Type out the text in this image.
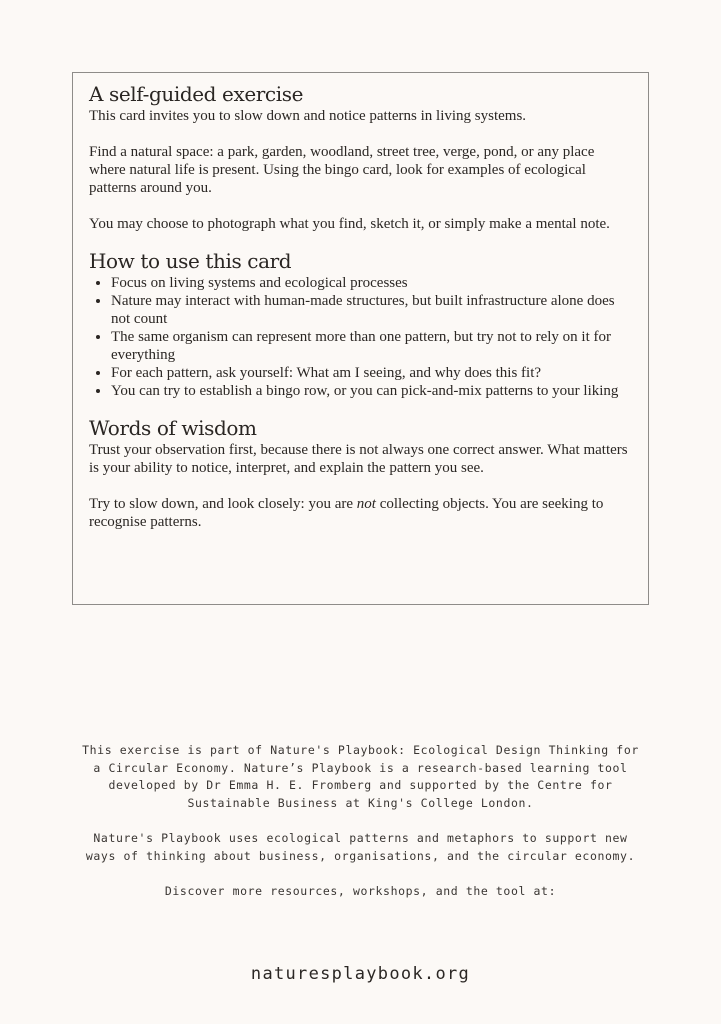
A self-guided exercise

This card invites you to slow down and notice patterns in living systems.

Find a natural space: a park, garden, woodland, street tree, verge, pond, or any place where natural life is present. Using the bingo card, look for examples of ecological patterns around you.

You may choose to photograph what you find, sketch it, or simply make a mental note.

How to use this card
• Focus on living systems and ecological processes
• Nature may interact with human-made structures, but built infrastructure alone does not count
• The same organism can represent more than one pattern, but try not to rely on it for everything
• For each pattern, ask yourself: What am I seeing, and why does this fit?
• You can try to establish a bingo row, or you can pick-and-mix patterns to your liking
Words of wisdom

Trust your observation first, because there is not always one correct answer. What matters is your ability to notice, interpret, and explain the pattern you see.

Try to slow down, and look closely: you are not collecting objects. You are seeking to recognise patterns.

This exercise is part of Nature's Playbook: Ecological Design Thinking for a Circular Economy. Nature’s Playbook is a research-based learning tool developed by Dr Emma H. E. Fromberg and supported by the Centre for Sustainable Business at King's College London.

Nature's Playbook uses ecological patterns and metaphors to support new ways of thinking about business, organisations, and the circular economy.

Discover more resources, workshops, and the tool at:

naturesplaybook.org
